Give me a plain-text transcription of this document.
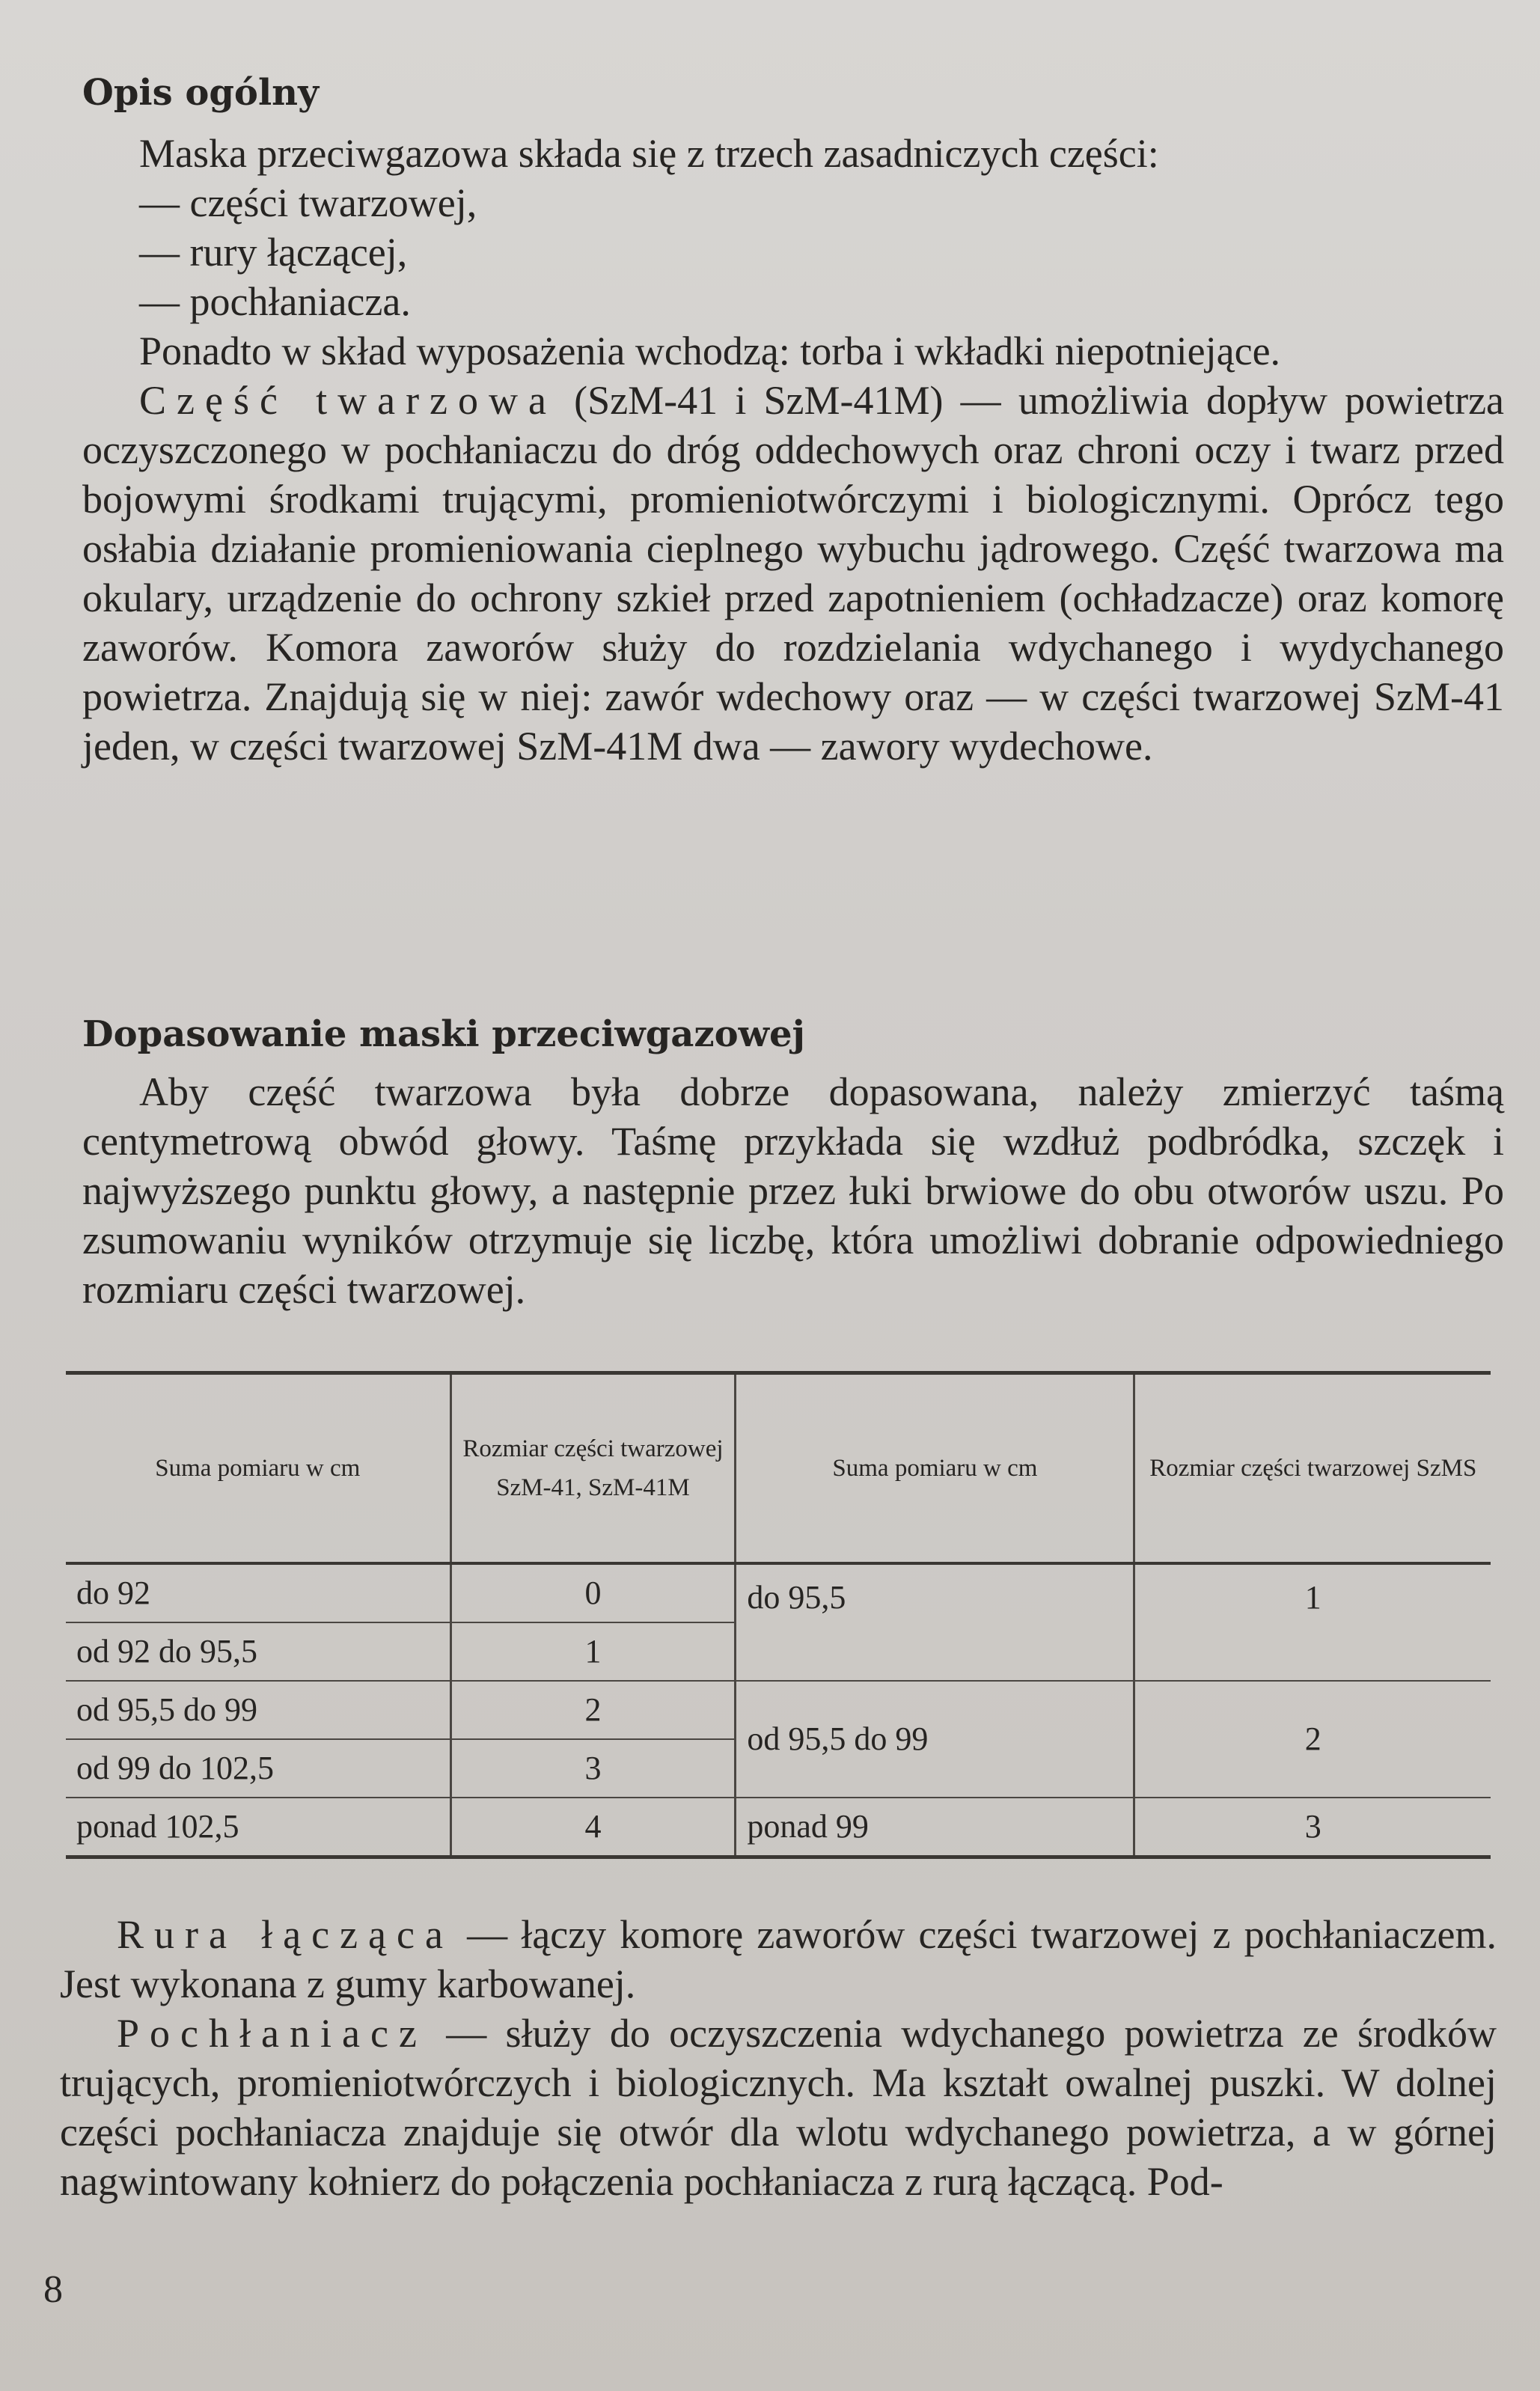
Opis ogólny

Maska przeciwgazowa składa się z trzech zasadniczych części:

— części twarzowej,

— rury łączącej,

— pochłaniacza.

Ponadto w skład wyposażenia wchodzą: torba i wkładki niepotniejące.

Część twarzowa (SzM-41 i SzM-41M) — umożliwia dopływ powietrza oczyszczonego w pochłaniaczu do dróg oddechowych oraz chroni oczy i twarz przed bojowymi środkami trującymi, promieniotwórczymi i biologicznymi. Oprócz tego osłabia działanie promieniowania cieplnego wybuchu jądrowego. Część twarzowa ma okulary, urządzenie do ochrony szkieł przed zapotnieniem (ochładzacze) oraz komorę zaworów. Komora zaworów służy do rozdzielania wdychanego i wydychanego powietrza. Znajdują się w niej: zawór wdechowy oraz — w części twarzowej SzM-41 jeden, w części twarzowej SzM-41M dwa — zawory wydechowe.

Dopasowanie maski przeciwgazowej

Aby część twarzowa była dobrze dopasowana, należy zmierzyć taśmą centymetrową obwód głowy. Taśmę przykłada się wzdłuż podbródka, szczęk i najwyższego punktu głowy, a następnie przez łuki brwiowe do obu otworów uszu. Po zsumowaniu wyników otrzymuje się liczbę, która umożliwi dobranie odpowiedniego rozmiaru części twarzowej.

Suma pomiaru w cm	Rozmiar części twarzowej SzM-41, SzM-41M	Suma pomiaru w cm	Rozmiar części twarzowej SzMS
do 92	0	do 95,5	1
od 92 do 95,5	1		
od 95,5 do 99	2	od 95,5 do 99	2
od 99 do 102,5	3		
ponad 102,5	4	ponad 99	3

Rura łącząca — łączy komorę zaworów części twarzowej z pochłaniaczem. Jest wykonana z gumy karbowanej.

Pochłaniacz — służy do oczyszczenia wdychanego powietrza ze środków trujących, promieniotwórczych i biologicznych. Ma kształt owalnej puszki. W dolnej części pochłaniacza znajduje się otwór dla wlotu wdychanego powietrza, a w górnej nagwintowany kołnierz do połączenia pochłaniacza z rurą łączącą. Pod-

8
